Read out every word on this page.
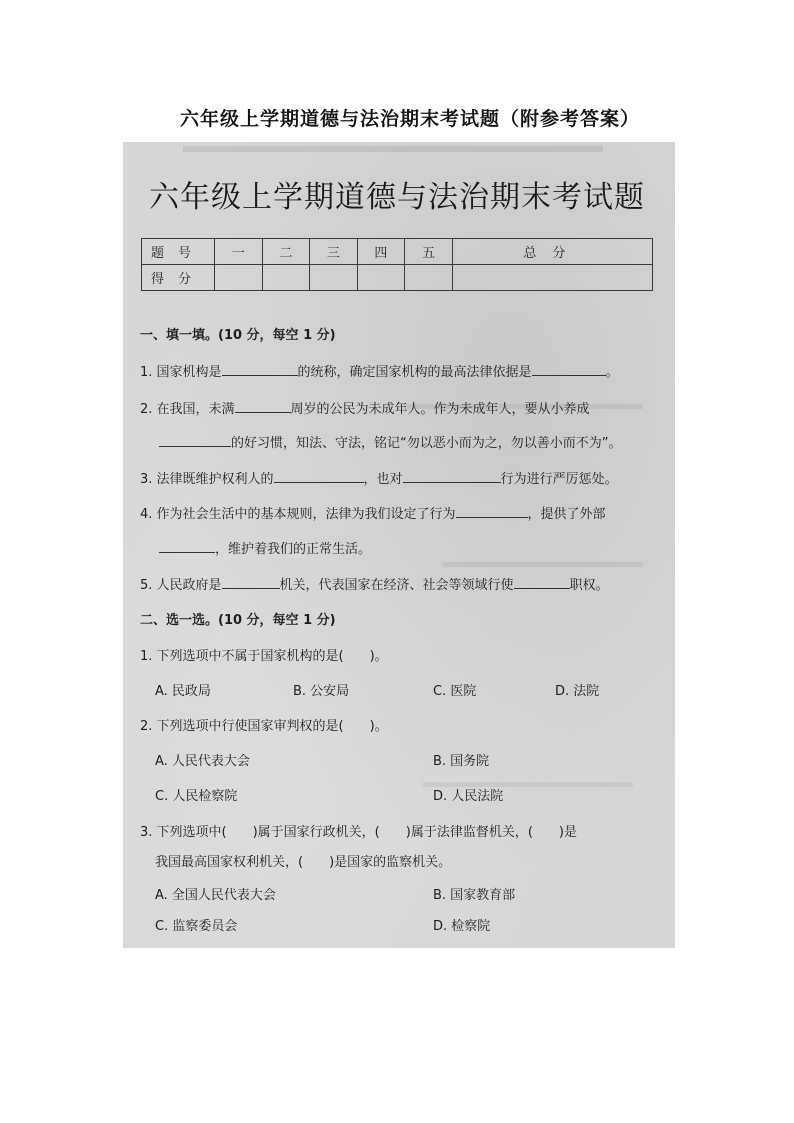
六年级上学期道德与法治期末考试题（附参考答案）
六年级上学期道德与法治期末考试题
题号	一	二	三	四	五	总分
得分						
一、填一填。(10 分，每空 1 分)
1. 国家机构是	的统称，确定国家机构的最高法律依据是	。
2. 在我国，未满	周岁的公民为未成年人。作为未成年人，要从小养成
的好习惯，知法、守法，铭记“勿以恶小而为之，勿以善小而不为”。
3. 法律既维护权利人的	，也对	行为进行严厉惩处。
4. 作为社会生活中的基本规则，法律为我们设定了行为	，提供了外部
，维护着我们的正常生活。
5. 人民政府是	机关，代表国家在经济、社会等领域行使	职权。
二、选一选。(10 分，每空 1 分)
1. 下列选项中不属于国家机构的是(　　)。
A. 民政局	B. 公安局	C. 医院	D. 法院
2. 下列选项中行使国家审判权的是(　　)。
A. 人民代表大会	B. 国务院
C. 人民检察院	D. 人民法院
3. 下列选项中(　　)属于国家行政机关，(　　)属于法律监督机关，(　　)是
我国最高国家权利机关，(　　)是国家的监察机关。
A. 全国人民代表大会	B. 国家教育部
C. 监察委员会	D. 检察院
